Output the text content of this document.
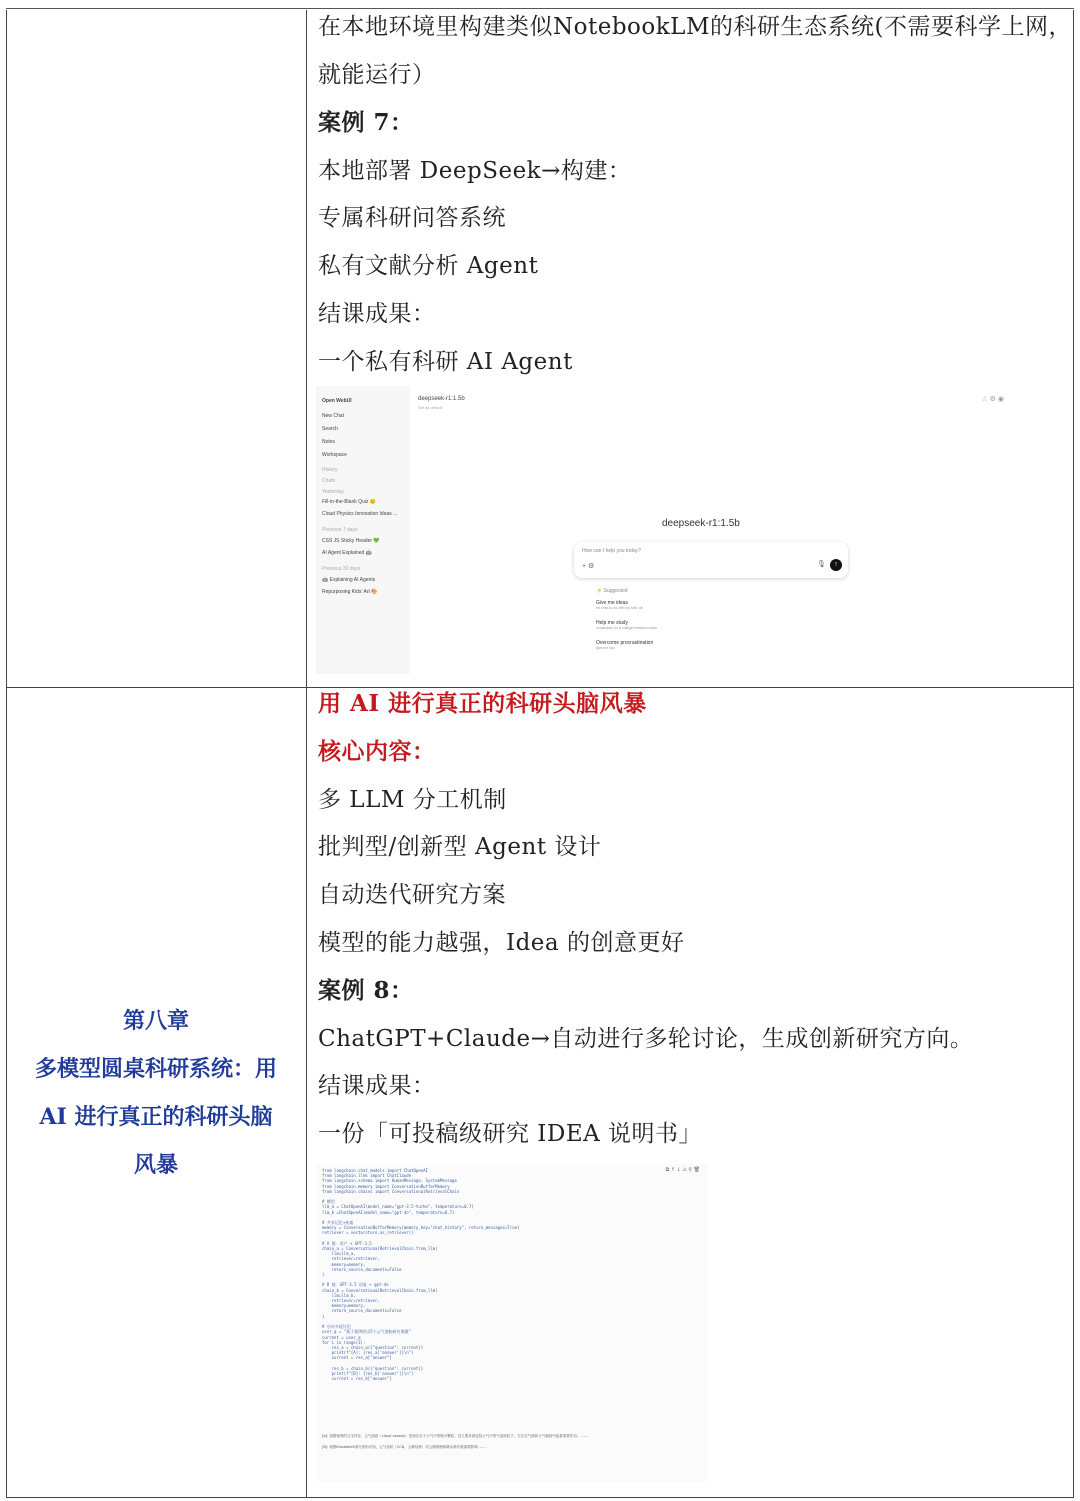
在本地环境里构建类似NotebookLM的科研生态系统(不需要科学上网，
就能运行）
案例 7：
本地部署 DeepSeek→构建：
专属科研问答系统
私有文献分析 Agent
结课成果：
一个私有科研 AI Agent
Open WebUI
New Chat
Search
Notes
Workspace
History
Chats
Yesterday
Fill-in-the-Blank Quiz 😊
Cloud Physics Innovation Ideas ...
Previous 7 days
CSS JS Sticky Header 💚
AI Agent Explained 🤖
Previous 30 days
🤖 Explaining AI Agents
Repurposing Kids' Art 🎨
deepseek-r1:1.5b
Set as default
☆ ⚙ ◉
deepseek-r1:1.5b
How can I help you today?
+ ⚙	🎙	↑
⚡ Suggested
Give me ideas
for what to do with my kids' art
Help me study
vocabulary for a college entrance exam
Overcome procrastination
give me tips
第八章
多模型圆桌科研系统：用
AI 进行真正的科研头脑
风暴
用 AI 进行真正的科研头脑风暴
核心内容：
多 LLM 分工机制
批判型/创新型 Agent 设计
自动迭代研究方案
模型的能力越强，Idea 的创意更好
案例 8：
ChatGPT+Claude→自动进行多轮讨论，生成创新研究方向。
结课成果：
一份「可投稿级研究 IDEA 说明书」
⧉ ↑ ↓ ⚠ ⚲ 🗑
from langchain.chat_models import ChatOpenAI
from langchain.llms import ChatClaude
from langchain.schema import HumanMessage, SystemMessage
from langchain.memory import ConversationBufferMemory
from langchain.chains import ConversationalRetrievalChain

# 模型
llm_a = ChatOpenAI(model_name="gpt-3.5-turbo", temperature=0.7)
llm_b =ChatOpenAI(model_name="gpt-4o", temperature=0.7)

# 共享记忆+检索
memory = ConversationBufferMemory(memory_key="chat_history", return_messages=True)
retriever = vectorstore.as_retriever()

# A 链：用户 + GPT-3.5
chain_a = ConversationalRetrievalChain.from_llm(
llm=llm_a,
retriever=retriever,
memory=memory,
return_source_documents=False
)

# B 链：GPT-3.5 回复 + gpt-4o
chain_b = ConversationalRetrievalChain.from_llm(
llm=llm_b,
retriever=retriever,
memory=memory,
return_source_documents=False
)

# 启动多轮讨论
user_q = "基于案例给出5个云气溶胶研究课题"
current = user_q
for i in range(3):
res_a = chain_a({"question": current})
print(f"[A]: {res_a['answer']}\n")
current = res_a["answer"]

res_b = chain_b({"question": current})
print(f"[B]: {res_b['answer']}\n")
current = res_b["answer"]
[A]: 根据案例的文本内容，云气溶胶（cloud aerosol）是指存在于大气中的微小颗粒。其主要来源包括大气中的气溶胶粒子。它们在气候和大气辐射中起着重要作用。 ……
[B]: 根据Knowfold5部分资料可知，云气溶胶（CCN，云凝结核）对云微物理和降水都有着重要影响 ……
